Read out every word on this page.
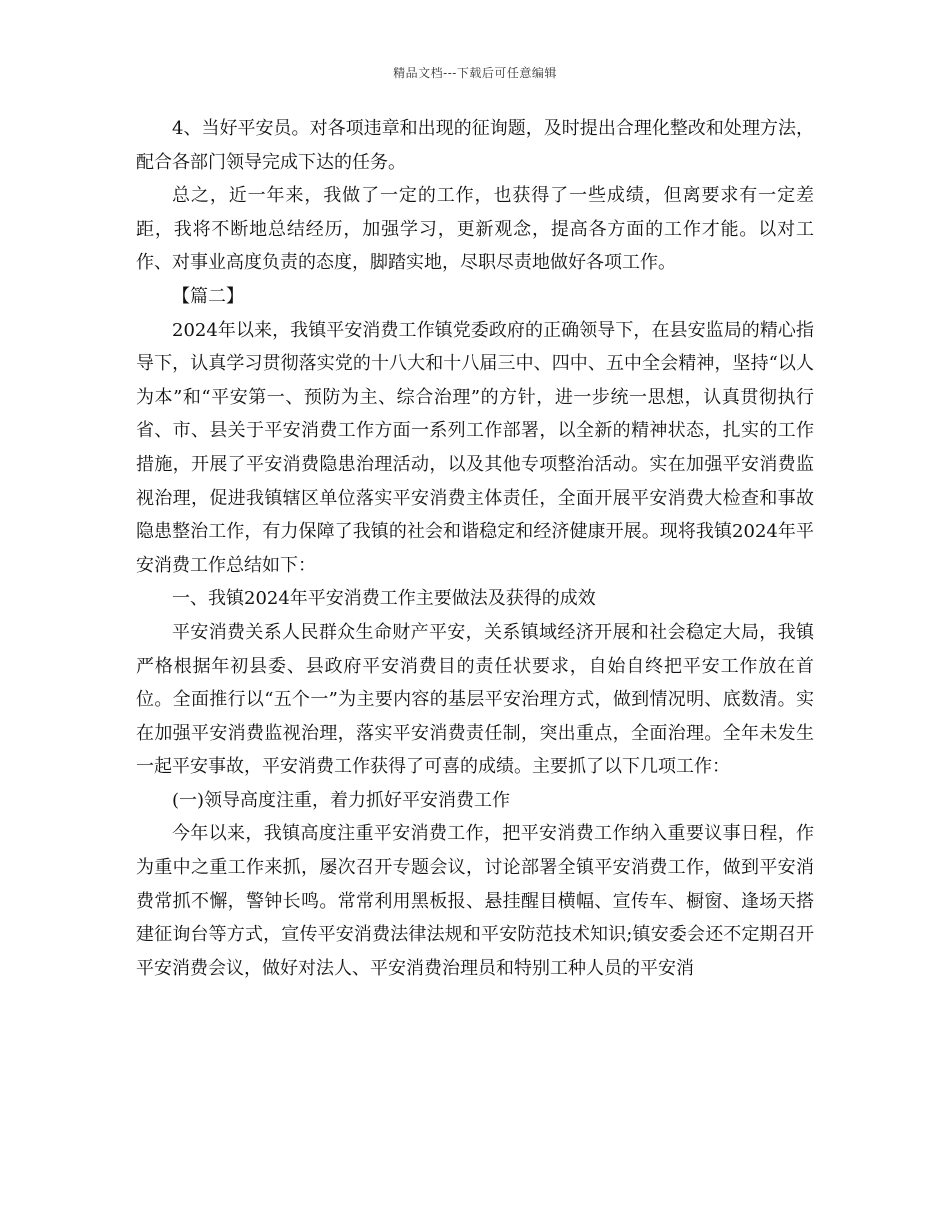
精品文档---下载后可任意编辑

4、当好平安员。对各项违章和出现的征询题，及时提出合理化整改和处理方法，配合各部门领导完成下达的任务。

总之，近一年来，我做了一定的工作，也获得了一些成绩，但离要求有一定差距，我将不断地总结经历，加强学习，更新观念，提高各方面的工作才能。以对工作、对事业高度负责的态度，脚踏实地，尽职尽责地做好各项工作。

【篇二】

2024年以来，我镇平安消费工作镇党委政府的正确领导下，在县安监局的精心指导下，认真学习贯彻落实党的十八大和十八届三中、四中、五中全会精神，坚持“以人为本”和“平安第一、预防为主、综合治理”的方针，进一步统一思想，认真贯彻执行省、市、县关于平安消费工作方面一系列工作部署，以全新的精神状态，扎实的工作措施，开展了平安消费隐患治理活动，以及其他专项整治活动。实在加强平安消费监视治理，促进我镇辖区单位落实平安消费主体责任，全面开展平安消费大检查和事故隐患整治工作，有力保障了我镇的社会和谐稳定和经济健康开展。现将我镇2024年平安消费工作总结如下：

一、我镇2024年平安消费工作主要做法及获得的成效

平安消费关系人民群众生命财产平安，关系镇域经济开展和社会稳定大局，我镇严格根据年初县委、县政府平安消费目的责任状要求，自始自终把平安工作放在首位。全面推行以“五个一”为主要内容的基层平安治理方式，做到情况明、底数清。实在加强平安消费监视治理，落实平安消费责任制，突出重点，全面治理。全年未发生一起平安事故，平安消费工作获得了可喜的成绩。主要抓了以下几项工作：

(一)领导高度注重，着力抓好平安消费工作

今年以来，我镇高度注重平安消费工作，把平安消费工作纳入重要议事日程，作为重中之重工作来抓，屡次召开专题会议，讨论部署全镇平安消费工作，做到平安消费常抓不懈，警钟长鸣。常常利用黑板报、悬挂醒目横幅、宣传车、橱窗、逢场天搭建征询台等方式，宣传平安消费法律法规和平安防范技术知识;镇安委会还不定期召开平安消费会议，做好对法人、平安消费治理员和特别工种人员的平安消
